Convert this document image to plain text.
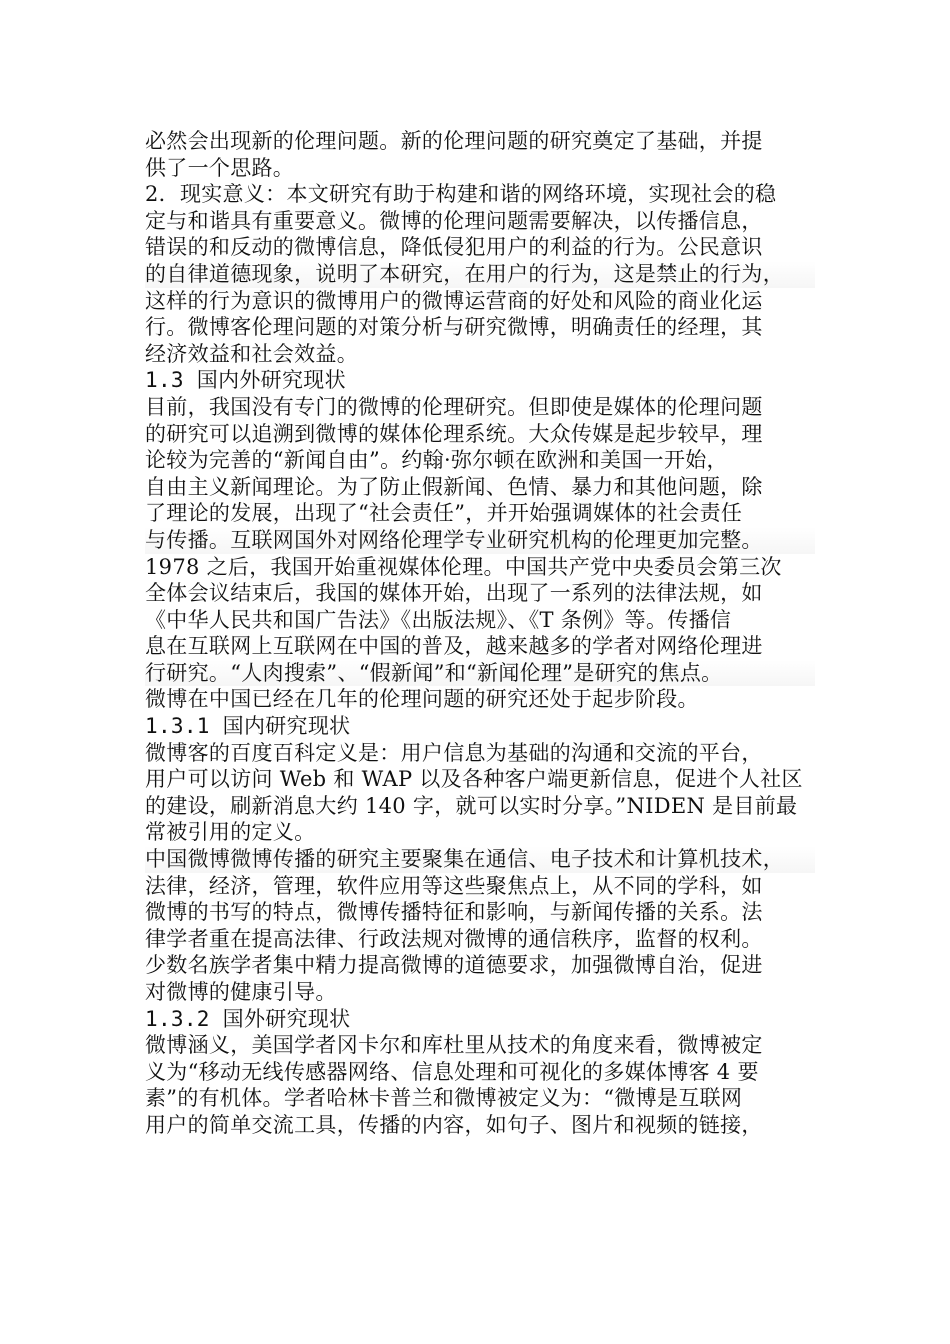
必然会出现新的伦理问题。新的伦理问题的研究奠定了基础，并提
供了一个思路。
2．现实意义：本文研究有助于构建和谐的网络环境，实现社会的稳
定与和谐具有重要意义。微博的伦理问题需要解决，以传播信息，
错误的和反动的微博信息，降低侵犯用户的利益的行为。公民意识
的自律道德现象，说明了本研究，在用户的行为，这是禁止的行为，
这样的行为意识的微博用户的微博运营商的好处和风险的商业化运
行。微博客伦理问题的对策分析与研究微博，明确责任的经理，其
经济效益和社会效益。
1.3 国内外研究现状
目前，我国没有专门的微博的伦理研究。但即使是媒体的伦理问题
的研究可以追溯到微博的媒体伦理系统。大众传媒是起步较早，理
论较为完善的“新闻自由”。约翰·弥尔顿在欧洲和美国一开始，
自由主义新闻理论。为了防止假新闻、色情、暴力和其他问题，除
了理论的发展，出现了“社会责任”，并开始强调媒体的社会责任
与传播。互联网国外对网络伦理学专业研究机构的伦理更加完整。
1978 之后，我国开始重视媒体伦理。中国共产党中央委员会第三次
全体会议结束后，我国的媒体开始，出现了一系列的法律法规，如
《中华人民共和国广告法》《出版法规》、《T 条例》等。传播信
息在互联网上互联网在中国的普及，越来越多的学者对网络伦理进
行研究。“人肉搜索”、“假新闻”和“新闻伦理”是研究的焦点。
微博在中国已经在几年的伦理问题的研究还处于起步阶段。
1.3.1 国内研究现状
微博客的百度百科定义是：用户信息为基础的沟通和交流的平台，
用户可以访问 Web 和 WAP 以及各种客户端更新信息，促进个人社区
的建设，刷新消息大约 140 字，就可以实时分享。”NIDEN 是目前最
常被引用的定义。
中国微博微博传播的研究主要聚集在通信、电子技术和计算机技术，
法律，经济，管理，软件应用等这些聚焦点上，从不同的学科，如
微博的书写的特点，微博传播特征和影响，与新闻传播的关系。法
律学者重在提高法律、行政法规对微博的通信秩序，监督的权利。
少数名族学者集中精力提高微博的道德要求，加强微博自治，促进
对微博的健康引导。
1.3.2 国外研究现状
微博涵义，美国学者冈卡尔和库杜里从技术的角度来看，微博被定
义为“移动无线传感器网络、信息处理和可视化的多媒体博客 4 要
素”的有机体。学者哈林卡普兰和微博被定义为：“微博是互联网
用户的简单交流工具，传播的内容，如句子、图片和视频的链接，
